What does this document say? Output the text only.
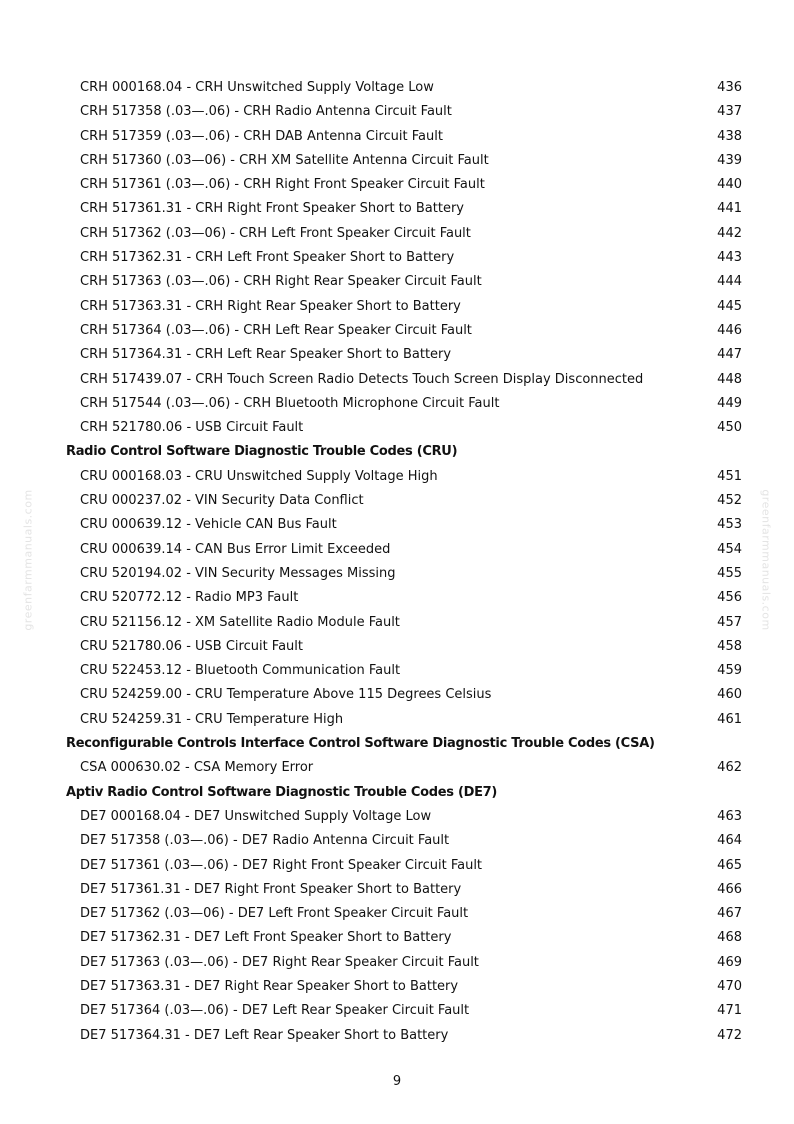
greenfarmmanuals.com	greenfarmmanuals.com
CRH 000168.04 - CRH Unswitched Supply Voltage Low	436
CRH 517358 (.03—.06) - CRH Radio Antenna Circuit Fault	437
CRH 517359 (.03—.06) - CRH DAB Antenna Circuit Fault	438
CRH 517360 (.03—06) - CRH XM Satellite Antenna Circuit Fault	439
CRH 517361 (.03—.06) - CRH Right Front Speaker Circuit Fault	440
CRH 517361.31 - CRH Right Front Speaker Short to Battery	441
CRH 517362 (.03—06) - CRH Left Front Speaker Circuit Fault	442
CRH 517362.31 - CRH Left Front Speaker Short to Battery	443
CRH 517363 (.03—.06) - CRH Right Rear Speaker Circuit Fault	444
CRH 517363.31 - CRH Right Rear Speaker Short to Battery	445
CRH 517364 (.03—.06) - CRH Left Rear Speaker Circuit Fault	446
CRH 517364.31 - CRH Left Rear Speaker Short to Battery	447
CRH 517439.07 - CRH Touch Screen Radio Detects Touch Screen Display Disconnected	448
CRH 517544 (.03—.06) - CRH Bluetooth Microphone Circuit Fault	449
CRH 521780.06 - USB Circuit Fault	450
Radio Control Software Diagnostic Trouble Codes (CRU)
CRU 000168.03 - CRU Unswitched Supply Voltage High	451
CRU 000237.02 - VIN Security Data Conflict	452
CRU 000639.12 - Vehicle CAN Bus Fault	453
CRU 000639.14 - CAN Bus Error Limit Exceeded	454
CRU 520194.02 - VIN Security Messages Missing	455
CRU 520772.12 - Radio MP3 Fault	456
CRU 521156.12 - XM Satellite Radio Module Fault	457
CRU 521780.06 - USB Circuit Fault	458
CRU 522453.12 - Bluetooth Communication Fault	459
CRU 524259.00 - CRU Temperature Above 115 Degrees Celsius	460
CRU 524259.31 - CRU Temperature High	461
Reconfigurable Controls Interface Control Software Diagnostic Trouble Codes (CSA)
CSA 000630.02 - CSA Memory Error	462
Aptiv Radio Control Software Diagnostic Trouble Codes (DE7)
DE7 000168.04 - DE7 Unswitched Supply Voltage Low	463
DE7 517358 (.03—.06) - DE7 Radio Antenna Circuit Fault	464
DE7 517361 (.03—.06) - DE7 Right Front Speaker Circuit Fault	465
DE7 517361.31 - DE7 Right Front Speaker Short to Battery	466
DE7 517362 (.03—06) - DE7 Left Front Speaker Circuit Fault	467
DE7 517362.31 - DE7 Left Front Speaker Short to Battery	468
DE7 517363 (.03—.06) - DE7 Right Rear Speaker Circuit Fault	469
DE7 517363.31 - DE7 Right Rear Speaker Short to Battery	470
DE7 517364 (.03—.06) - DE7 Left Rear Speaker Circuit Fault	471
DE7 517364.31 - DE7 Left Rear Speaker Short to Battery	472
9
